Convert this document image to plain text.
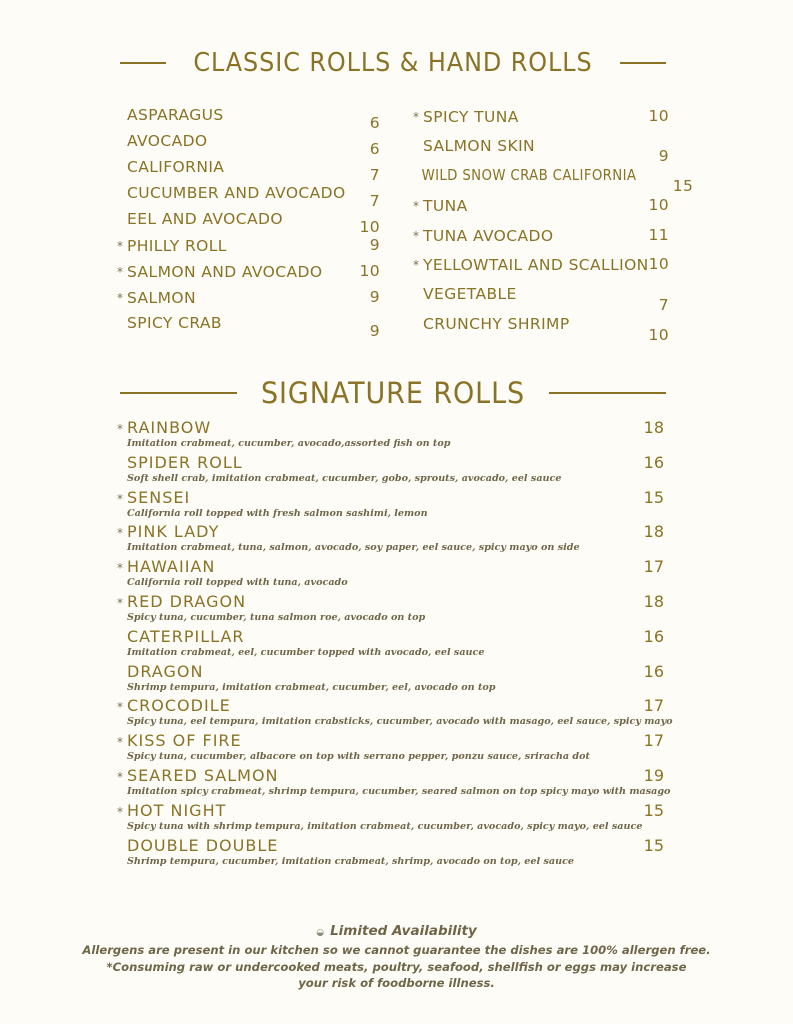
CLASSIC ROLLS & HAND ROLLS
ASPARAGUS	6
AVOCADO	6
CALIFORNIA	7
CUCUMBER AND AVOCADO 7
EEL AND AVOCADO	10
* PHILLY ROLL	9
* SALMON AND AVOCADO 10
* SALMON	9
SPICY CRAB	9
* SPICY TUNA	10
SALMON SKIN
9
WILD SNOW CRAB CALIFORNIA
15
* TUNA	10
* TUNA AVOCADO	11
* YELLOWTAIL AND SCALLION 10
VEGETABLE
7
CRUNCHY SHRIMP
10
SIGNATURE ROLLS
* RAINBOW	18
Imitation crabmeat, cucumber, avocado,assorted fish on top
SPIDER ROLL	16
Soft shell crab, imitation crabmeat, cucumber, gobo, sprouts, avocado, eel sauce
* SENSEI	15
California roll topped with fresh salmon sashimi, lemon
* PINK LADY	18
Imitation crabmeat, tuna, salmon, avocado, soy paper, eel sauce, spicy mayo on side
* HAWAIIAN	17
California roll topped with tuna, avocado
* RED DRAGON	18
Spicy tuna, cucumber, tuna salmon roe, avocado on top
CATERPILLAR	16
Imitation crabmeat, eel, cucumber topped with avocado, eel sauce
DRAGON	16
Shrimp tempura, imitation crabmeat, cucumber, eel, avocado on top
* CROCODILE	17
Spicy tuna, eel tempura, imitation crabsticks, cucumber, avocado with masago, eel sauce, spicy mayo
* KISS OF FIRE	17
Spicy tuna, cucumber, albacore on top with serrano pepper, ponzu sauce, sriracha dot
* SEARED SALMON	19
Imitation spicy crabmeat, shrimp tempura, cucumber, seared salmon on top spicy mayo with masago
* HOT NIGHT	15
Spicy tuna with shrimp tempura, imitation crabmeat, cucumber, avocado, spicy mayo, eel sauce
DOUBLE DOUBLE	15
Shrimp tempura, cucumber, imitation crabmeat, shrimp, avocado on top, eel sauce
◒ Limited Availability
Allergens are present in our kitchen so we cannot guarantee the dishes are 100% allergen free.
*Consuming raw or undercooked meats, poultry, seafood, shellfish or eggs may increase
your risk of foodborne illness.
